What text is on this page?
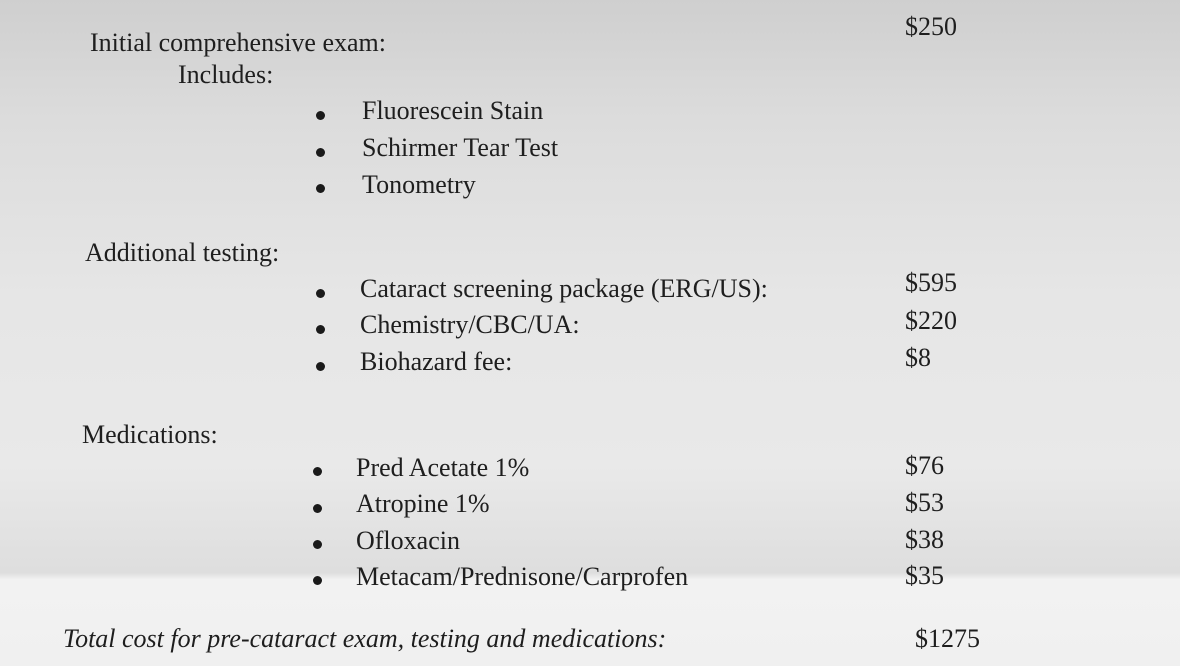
Initial comprehensive exam:
$250
Includes:
Fluorescein Stain
Schirmer Tear Test
Tonometry
Additional testing:
Cataract screening package (ERG/US):	$595
Chemistry/CBC/UA:	$220
Biohazard fee:	$8
Medications:
Pred Acetate 1%	$76
Atropine 1%	$53
Ofloxacin	$38
Metacam/Prednisone/Carprofen	$35
Total cost for pre-cataract exam, testing and medications:	$1275
